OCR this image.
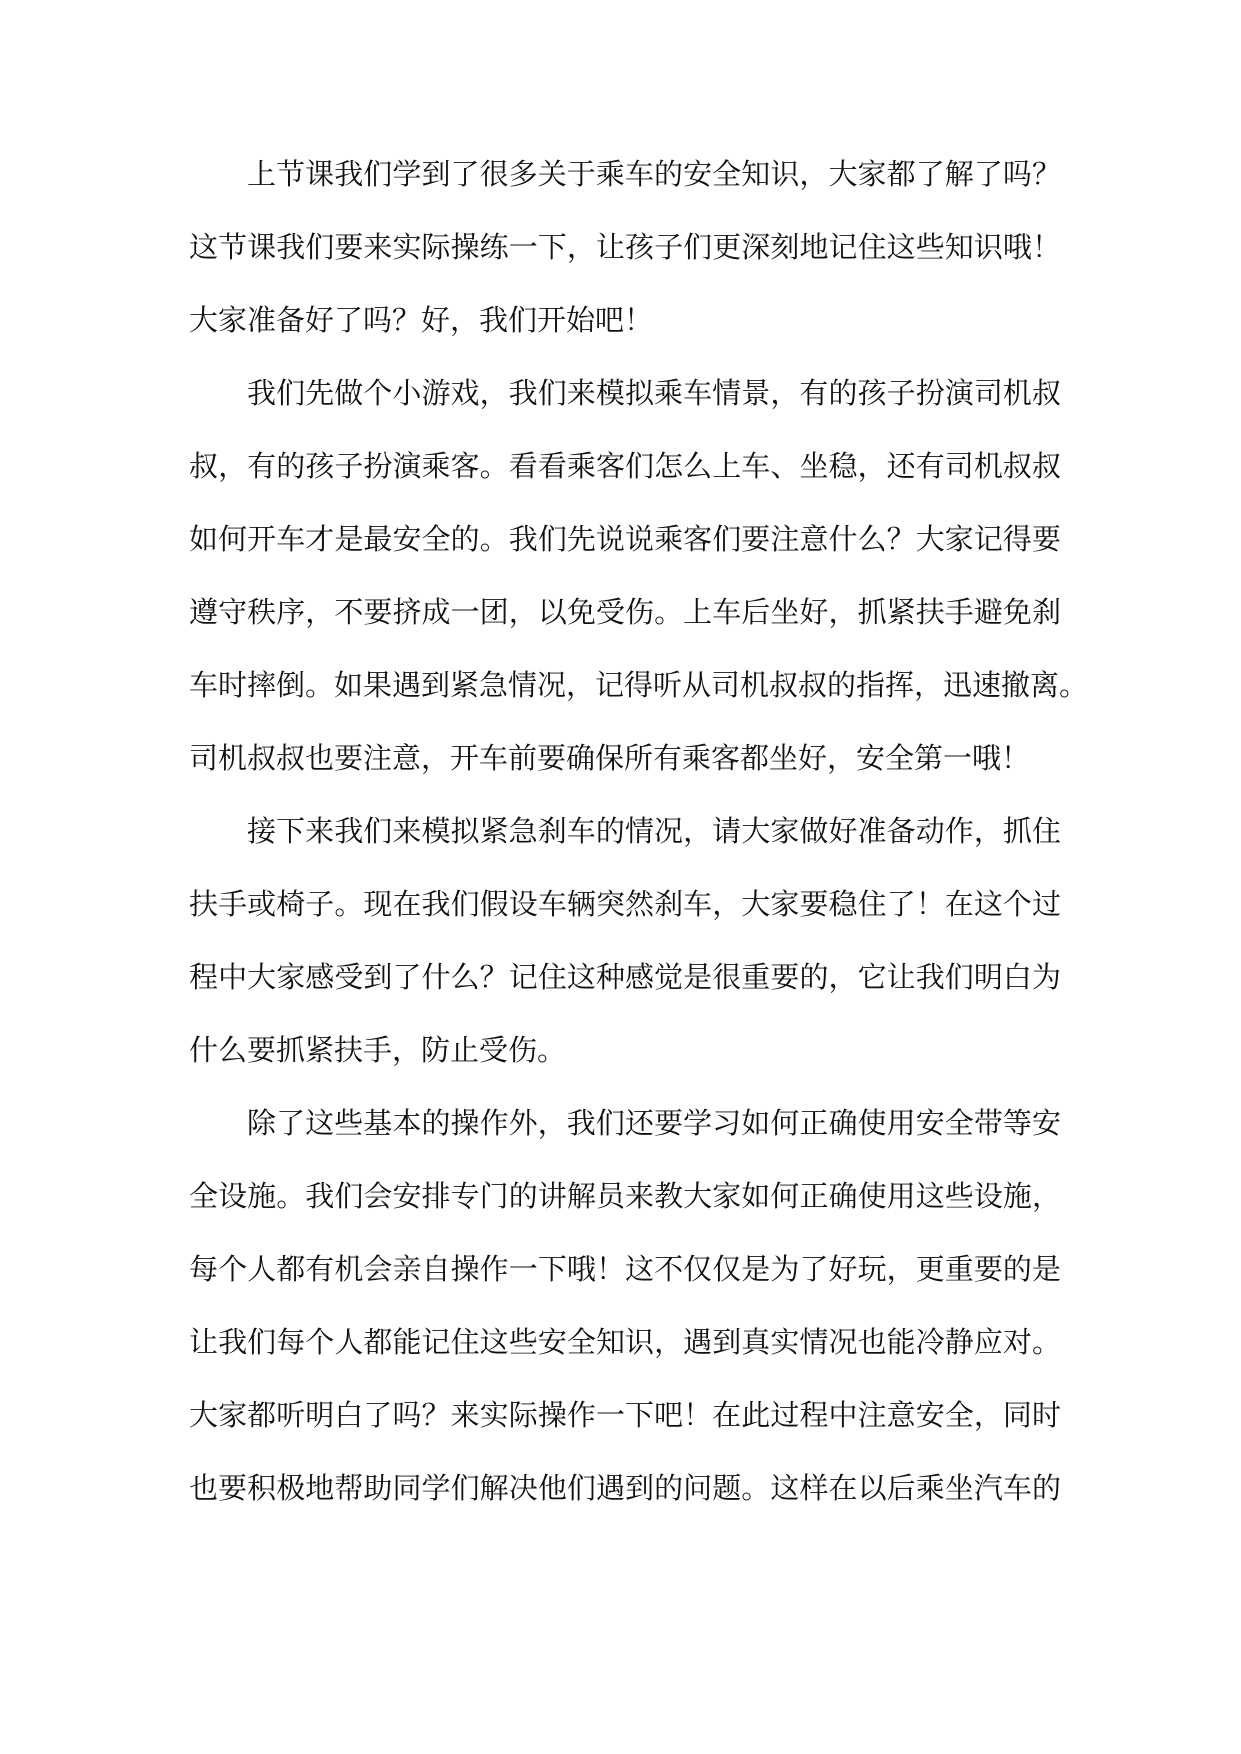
上节课我们学到了很多关于乘车的安全知识，大家都了解了吗？
这节课我们要来实际操练一下，让孩子们更深刻地记住这些知识哦！
大家准备好了吗？好，我们开始吧！
我们先做个小游戏，我们来模拟乘车情景，有的孩子扮演司机叔
叔，有的孩子扮演乘客。看看乘客们怎么上车、坐稳，还有司机叔叔
如何开车才是最安全的。我们先说说乘客们要注意什么？大家记得要
遵守秩序，不要挤成一团，以免受伤。上车后坐好，抓紧扶手避免刹
车时摔倒。如果遇到紧急情况，记得听从司机叔叔的指挥，迅速撤离。
司机叔叔也要注意，开车前要确保所有乘客都坐好，安全第一哦！
接下来我们来模拟紧急刹车的情况，请大家做好准备动作，抓住
扶手或椅子。现在我们假设车辆突然刹车，大家要稳住了！在这个过
程中大家感受到了什么？记住这种感觉是很重要的，它让我们明白为
什么要抓紧扶手，防止受伤。
除了这些基本的操作外，我们还要学习如何正确使用安全带等安
全设施。我们会安排专门的讲解员来教大家如何正确使用这些设施，
每个人都有机会亲自操作一下哦！这不仅仅是为了好玩，更重要的是
让我们每个人都能记住这些安全知识，遇到真实情况也能冷静应对。
大家都听明白了吗？来实际操作一下吧！在此过程中注意安全，同时
也要积极地帮助同学们解决他们遇到的问题。这样在以后乘坐汽车的
